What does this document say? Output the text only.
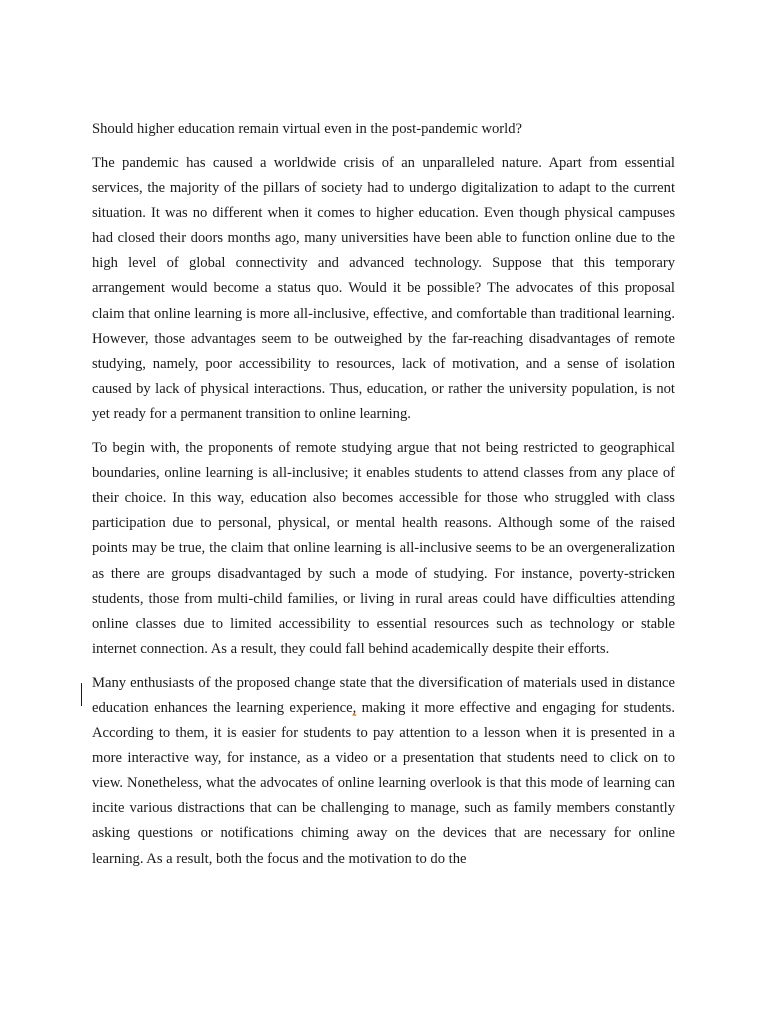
Should higher education remain virtual even in the post-pandemic world?

The pandemic has caused a worldwide crisis of an unparalleled nature. Apart from essential services, the majority of the pillars of society had to undergo digitalization to adapt to the current situation. It was no different when it comes to higher education. Even though physical campuses had closed their doors months ago, many universities have been able to function online due to the high level of global connectivity and advanced technology. Suppose that this temporary arrangement would become a status quo. Would it be possible? The advocates of this proposal claim that online learning is more all-inclusive, effective, and comfortable than traditional learning. However, those advantages seem to be outweighed by the far-reaching disadvantages of remote studying, namely, poor accessibility to resources, lack of motivation, and a sense of isolation caused by lack of physical interactions. Thus, education, or rather the university population, is not yet ready for a permanent transition to online learning.

To begin with, the proponents of remote studying argue that not being restricted to geographical boundaries, online learning is all-inclusive; it enables students to attend classes from any place of their choice. In this way, education also becomes accessible for those who struggled with class participation due to personal, physical, or mental health reasons. Although some of the raised points may be true, the claim that online learning is all-inclusive seems to be an overgeneralization as there are groups disadvantaged by such a mode of studying. For instance, poverty-stricken students, those from multi-child families, or living in rural areas could have difficulties attending online classes due to limited accessibility to essential resources such as technology or stable internet connection. As a result, they could fall behind academically despite their efforts.

Many enthusiasts of the proposed change state that the diversification of materials used in distance education enhances the learning experience, making it more effective and engaging for students. According to them, it is easier for students to pay attention to a lesson when it is presented in a more interactive way, for instance, as a video or a presentation that students need to click on to view. Nonetheless, what the advocates of online learning overlook is that this mode of learning can incite various distractions that can be challenging to manage, such as family members constantly asking questions or notifications chiming away on the devices that are necessary for online learning. As a result, both the focus and the motivation to do the
